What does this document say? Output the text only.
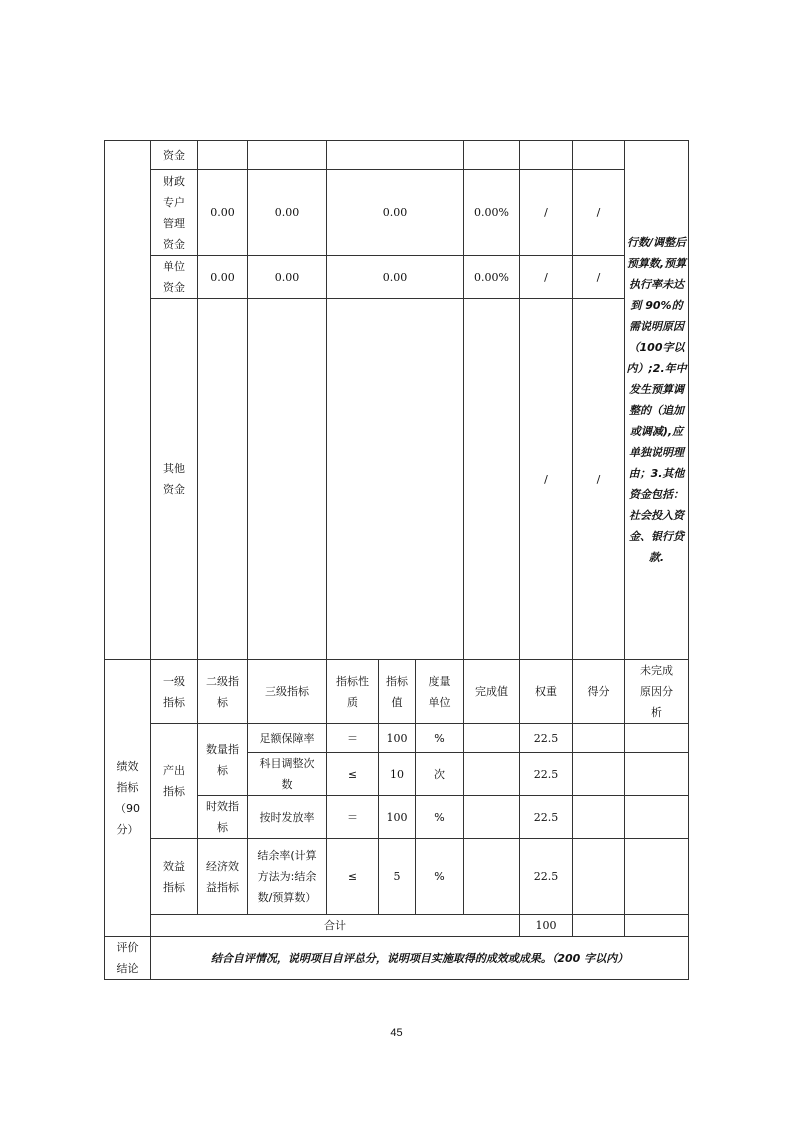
	资金									行数/调整后预算数,预算执行率未达到 90%的需说明原因（100字以内）;2.年中发生预算调整的（追加或调减),应单独说明理由；3.其他资金包括：社会投入资金、银行贷款.

	财政
专户
管理
资金	0.00	0.00	0.00			0.00%	/	/	

	单位
资金	0.00	0.00	0.00			0.00%	/	/	

	其他
资金							/	/	

绩效
指标
（90
分）	一级
指标	二级指
标	三级指标	指标性
质	指标
值	度量
单位	完成值	权重	得分	未完成
原因分
析

	产出
指标	数量指
标	足额保障率	＝	100	%		22.5		

			科目调整次
数	≤	10	次		22.5		

		时效指
标	按时发放率	＝	100	%		22.5		

	效益
指标	经济效
益指标	结余率(计算
方法为:结余
数/预算数）	≤	5	%		22.5		
	合计							100		

评价
结论	结合自评情况，说明项目自评总分，说明项目实施取得的成效或成果。（200 字以内）									
45
